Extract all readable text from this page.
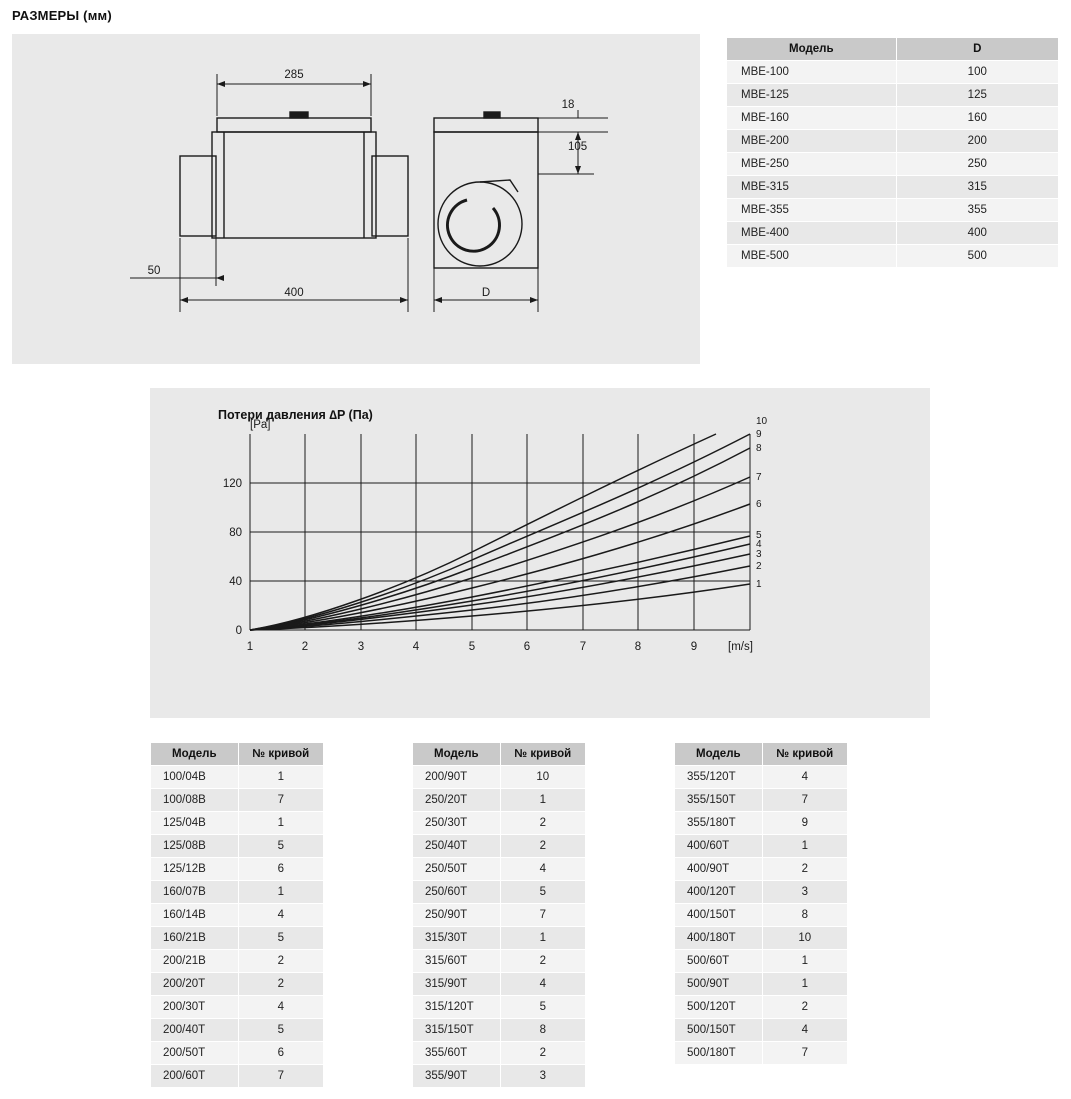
РАЗМЕРЫ (мм)
285
400
50
18
105
D
Модель	D
MBE-100	100
MBE-125	125
MBE-160	160
MBE-200	200
MBE-250	250
MBE-315	315
MBE-355	355
MBE-400	400
MBE-500	500
Потери давления ∆P (Па)
0
40
80
120
[Pa]
1	2	3	4	5	6	7	8	9	[m/s]
1
2
3
4
5
6
7
8
9
10
Модель	№ кривой
100/04B	1
100/08B	7
125/04B	1
125/08B	5
125/12B	6
160/07B	1
160/14B	4
160/21B	5
200/21B	2
200/20T	2
200/30T	4
200/40T	5
200/50T	6
200/60T	7
Модель	№ кривой
200/90T	10
250/20T	1
250/30T	2
250/40T	2
250/50T	4
250/60T	5
250/90T	7
315/30T	1
315/60T	2
315/90T	4
315/120T	5
315/150T	8
355/60T	2
355/90T	3
Модель	№ кривой
355/120T	4
355/150T	7
355/180T	9
400/60T	1
400/90T	2
400/120T	3
400/150T	8
400/180T	10
500/60T	1
500/90T	1
500/120T	2
500/150T	4
500/180T	7
